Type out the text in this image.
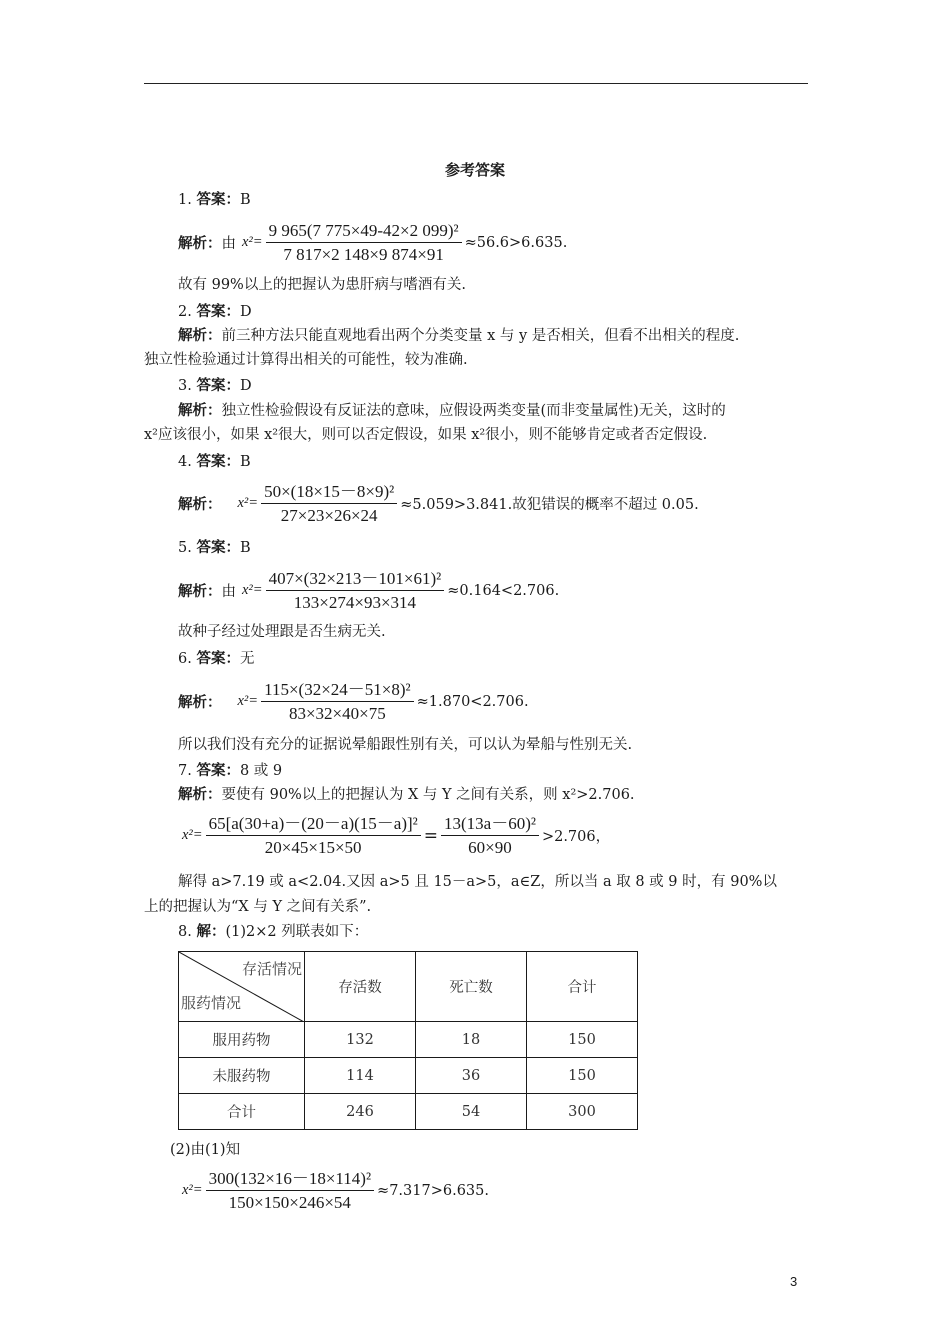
参考答案
1. 答案：B
解析： 由 $x^2= \frac{\text{9 965(7 775×49-42×2 099)²}}{7 817\times 2 148\times 9 874\times 91} \approx 56.6>6.635$.
故有 99%以上的把握认为患肝病与嗜酒有关.
2. 答案：D
解析：前三种方法只能直观地看出两个分类变量 x 与 y 是否相关，但看不出相关的程度.
独立性检验通过计算得出相关的可能性，较为准确.
3. 答案：D
解析：独立性检验假设有反证法的意味，应假设两类变量(而非变量属性)无关，这时的
x²应该很小，如果 x²很大，则可以否定假设，如果 x²很小，则不能够肯定或者否定假设.
4. 答案：B
解析： $x^2= \frac{\text{50×(18×15－8×9)²}}{27\times 23\times 26\times 24} \approx 5.059>3.841$.故犯错误的概率不超过 0.05.
5. 答案：B
解析： 由 $x^2= \frac{\text{407×(32×213－101×61)²}}{133\times 274\times 93\times 314} \approx 0.164<2.706$.
故种子经过处理跟是否生病无关.
6. 答案：无
解析： $x^2= \frac{\text{115×(32×24－51×8)²}}{83\times 32\times 40\times 75} \approx 1.870<2.706$.
所以我们没有充分的证据说晕船跟性别有关，可以认为晕船与性别无关.
7. 答案：8 或 9
解析：要使有 90%以上的把握认为 X 与 Y 之间有关系，则 x²>2.706.
$x^2= \frac{\text{65[a(30+a)－(20－a)(15－a)]²}}{20\times 45\times 15\times 50} = \frac{\text{13(13a－60)²}}{60\times 90} >2.706$，
解得 a>7.19 或 a<2.04.又因 a>5 且 15－a>5，a∈Z，所以当 a 取 8 或 9 时，有 90%以
上的把握认为“X 与 Y 之间有关系”.
8. 解：(1)2×2 列联表如下：
存活情况
服药情况	存活数	死亡数	合计
服用药物	132	18	150
未服药物	114	36	150
合计	246	54	300
(2)由(1)知
$x^2= \frac{\text{300(132×16－18×114)²}}{150\times 150\times 246\times 54} \approx 7.317>6.635$.
3
